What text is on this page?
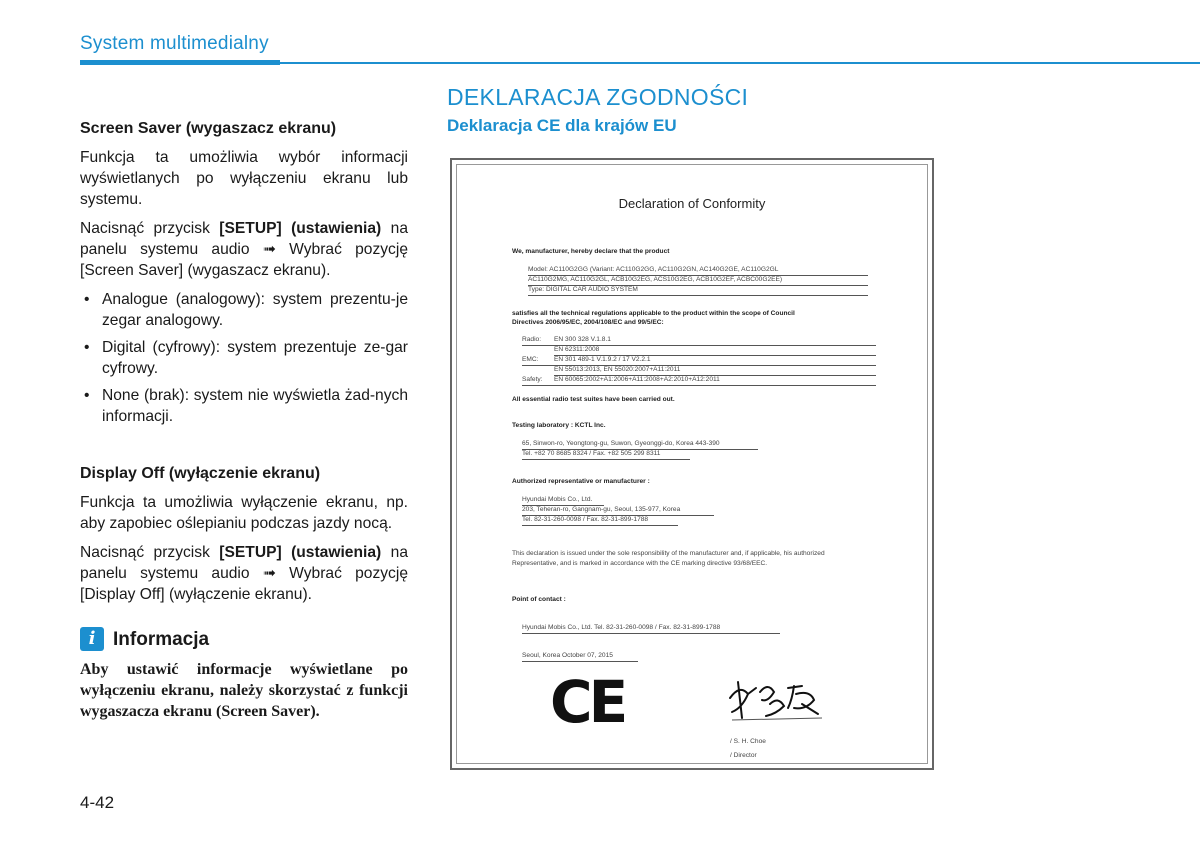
System multimedialny
Screen Saver (wygaszacz ekranu)

Funkcja ta umożliwia wybór informacji wyświetlanych po wyłączeniu ekranu lub systemu.

Nacisnąć przycisk [SETUP] (ustawienia) na panelu systemu audio ➟ Wybrać pozycję [Screen Saver] (wygaszacz ekranu).

• Analogue (analogowy): system prezentu-je zegar analogowy.
• Digital (cyfrowy): system prezentuje ze-gar cyfrowy.
• None (brak): system nie wyświetla żad-nych informacji.
Display Off (wyłączenie ekranu)

Funkcja ta umożliwia wyłączenie ekranu, np. aby zapobiec oślepianiu podczas jazdy nocą.

Nacisnąć przycisk [SETUP] (ustawienia) na panelu systemu audio ➟ Wybrać pozycję [Display Off] (wyłączenie ekranu).

i Informacja

Aby ustawić informacje wyświetlane po wyłączeniu ekranu, należy skorzystać z funkcji wygaszacza ekranu (Screen Saver).

4-42
DEKLARACJA ZGODNOŚCI
Deklaracja CE dla krajów EU
Declaration of Conformity
We, manufacturer, hereby declare that the product
Model: AC110G2GG (Variant: AC110G2GG, AC110G2GN, AC140G2GE, AC110G2GL
AC110G2MG, AC110G2GL, ACB10G2EG, ACS10G2EG, ACB10G2EF, ACBC00G2EE)
Type: DIGITAL CAR AUDIO SYSTEM
satisfies all the technical regulations applicable to the product within the scope of Council
Directives 2006/95/EC, 2004/108/EC and 99/5/EC:
Radio: EN 300 328 V.1.8.1
EN 62311:2008
EMC: EN 301 489-1 V.1.9.2 / 17 V2.2.1
EN 55013:2013, EN 55020:2007+A11:2011
Safety: EN 60065:2002+A1:2006+A11:2008+A2:2010+A12:2011
All essential radio test suites have been carried out.
Testing laboratory : KCTL Inc.
65, Sinwon-ro, Yeongtong-gu, Suwon, Gyeonggi-do, Korea 443-390
Tel. +82 70 8685 8324 / Fax. +82 505 299 8311
Authorized representative or manufacturer :
Hyundai Mobis Co., Ltd.
203, Teheran-ro, Gangnam-gu, Seoul, 135-977, Korea
Tel. 82-31-260-0098 / Fax. 82-31-899-1788
This declaration is issued under the sole responsibility of the manufacturer and, if applicable, his authorized
Representative, and is marked in accordance with the CE marking directive 93/68/EEC.
Point of contact :
Hyundai Mobis Co., Ltd. Tel. 82-31-260-0098 / Fax. 82-31-899-1788
Seoul, Korea October 07, 2015
CE
/ S. H. Choe
/ Director
